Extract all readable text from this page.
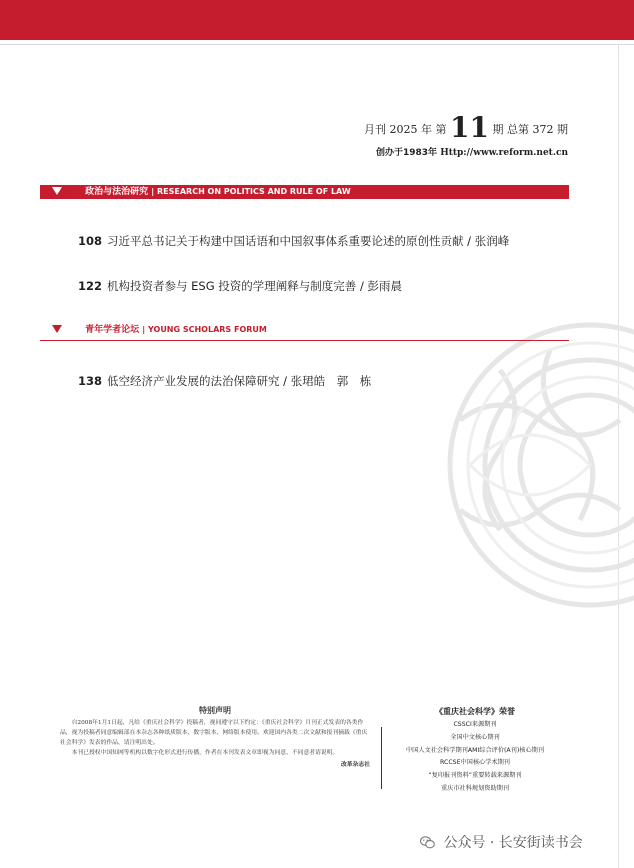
月刊 2025 年 第 11 期 总第 372 期
创办于1983年 Http://www.reform.net.cn
政治与法治研究 | RESEARCH ON POLITICS AND RULE OF LAW
108 习近平总书记关于构建中国话语和中国叙事体系重要论述的原创性贡献 / 张润峰
122 机构投资者参与 ESG 投资的学理阐释与制度完善 / 彭雨晨
青年学者论坛 | YOUNG SCHOLARS FORUM
138 低空经济产业发展的法治保障研究 / 张珺皓　郭　栋
特别声明
自2008年1月1日起，凡给《重庆社会科学》投稿者，视同遵守以下约定：《重庆社会科学》月刊正式发表的各类作品，视为投稿者同意编辑部在本杂志各种纸质版本、数字版本、网络版本使用。欢迎国内各类二次文献和报刊摘载《重庆社会科学》发表的作品，请注明出处。
本刊已授权中国知网等机构以数字化形式进行传播，作者在本刊发表文章即视为同意，不同意者请说明。
改革杂志社
《重庆社会科学》荣誉
CSSCI来源期刊
全国中文核心期刊
中国人文社会科学期刊AMI综合评价(A刊)核心期刊
RCCSE中国核心学术期刊
“复印报刊资料”重要转载来源期刊
重庆市社科规划资助期刊
公众号 · 长安街读书会
